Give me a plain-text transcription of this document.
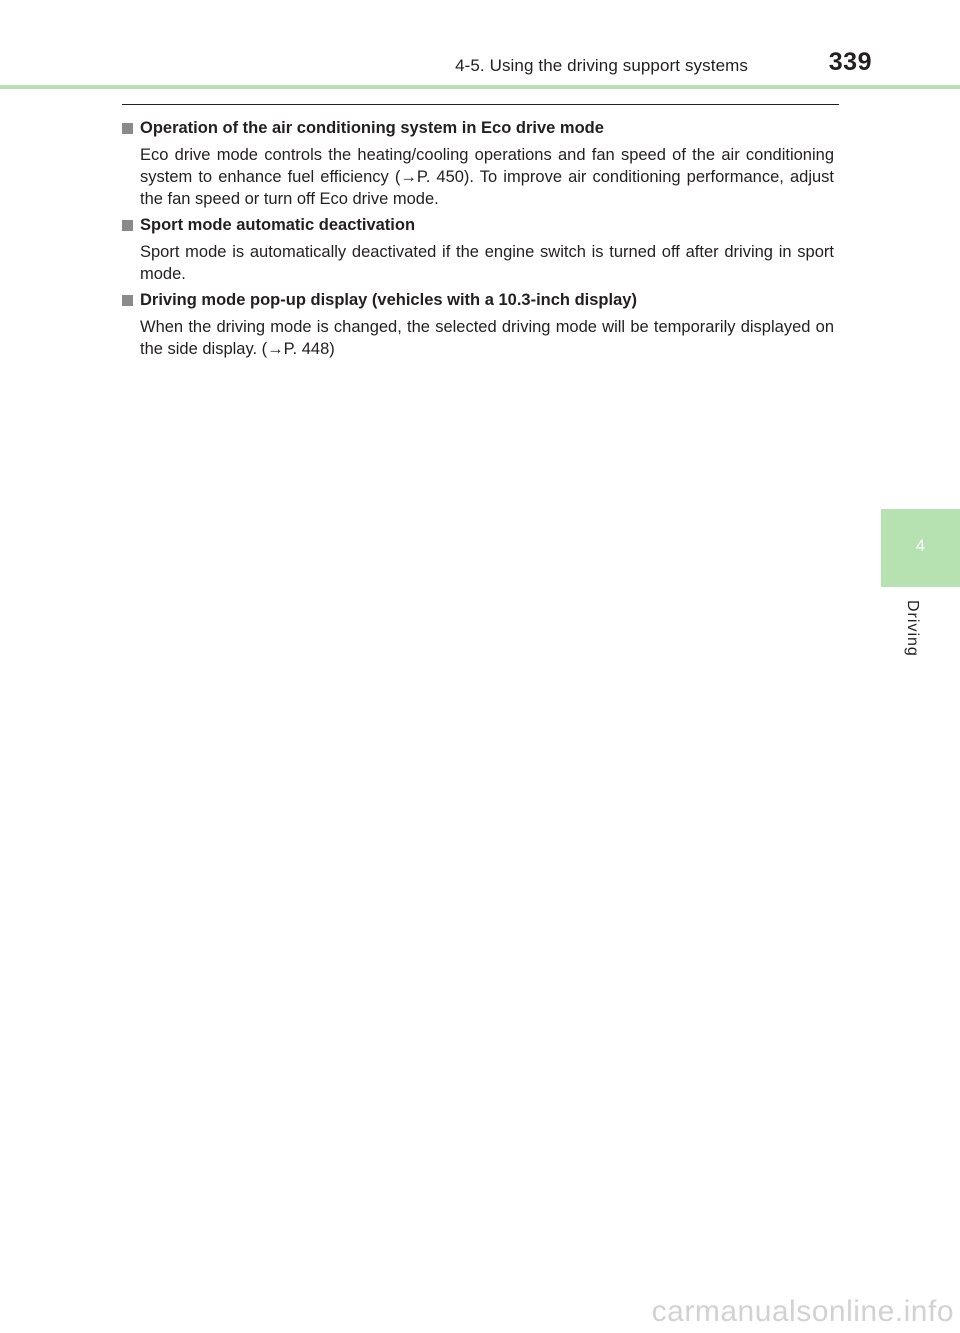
4-5. Using the driving support systems	339
Operation of the air conditioning system in Eco drive mode
Eco drive mode controls the heating/cooling operations and fan speed of the air conditioning system to enhance fuel efficiency (→P. 450). To improve air conditioning performance, adjust the fan speed or turn off Eco drive mode.
Sport mode automatic deactivation
Sport mode is automatically deactivated if the engine switch is turned off after driving in sport mode.
Driving mode pop-up display (vehicles with a 10.3-inch display)
When the driving mode is changed, the selected driving mode will be temporarily displayed on the side display. (→P. 448)
4
Driving
carmanualsonline.info
